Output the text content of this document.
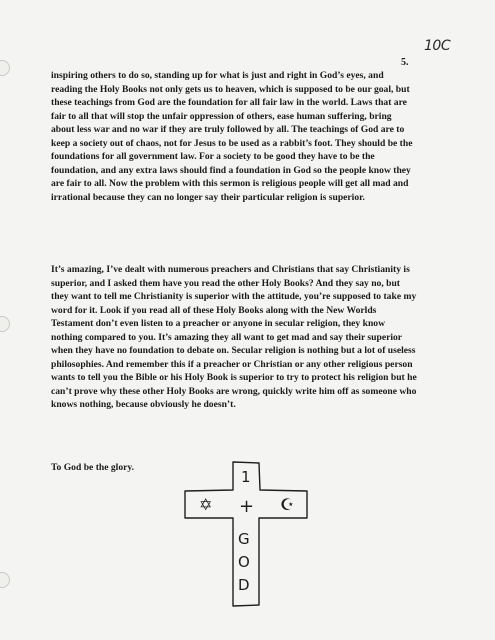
10C
5.

inspiring others to do so, standing up for what is just and right in God’s eyes, and reading the Holy Books not only gets us to heaven, which is supposed to be our goal, but these teachings from God are the foundation for all fair law in the world. Laws that are fair to all that will stop the unfair oppression of others, ease human suffering, bring about less war and no war if they are truly followed by all. The teachings of God are to keep a society out of chaos, not for Jesus to be used as a rabbit’s foot. They should be the foundations for all government law. For a society to be good they have to be the foundation, and any extra laws should find a foundation in God so the people know they are fair to all. Now the problem with this sermon is religious people will get all mad and irrational because they can no longer say their particular religion is superior.

It’s amazing, I’ve dealt with numerous preachers and Christians that say Christianity is superior, and I asked them have you read the other Holy Books? And they say no, but they want to tell me Christianity is superior with the attitude, you’re supposed to take my word for it. Look if you read all of these Holy Books along with the New Worlds Testament don’t even listen to a preacher or anyone in secular religion, they know nothing compared to you. It’s amazing they all want to get mad and say their superior when they have no foundation to debate on. Secular religion is nothing but a lot of useless philosophies. And remember this if a preacher or Christian or any other religious person wants to tell you the Bible or his Holy Book is superior to try to protect his religion but he can’t prove why these other Holy Books are wrong, quickly write him off as someone who knows nothing, because obviously he doesn’t.

To God be the glory.

1
+
✡	☪
G
O
D
